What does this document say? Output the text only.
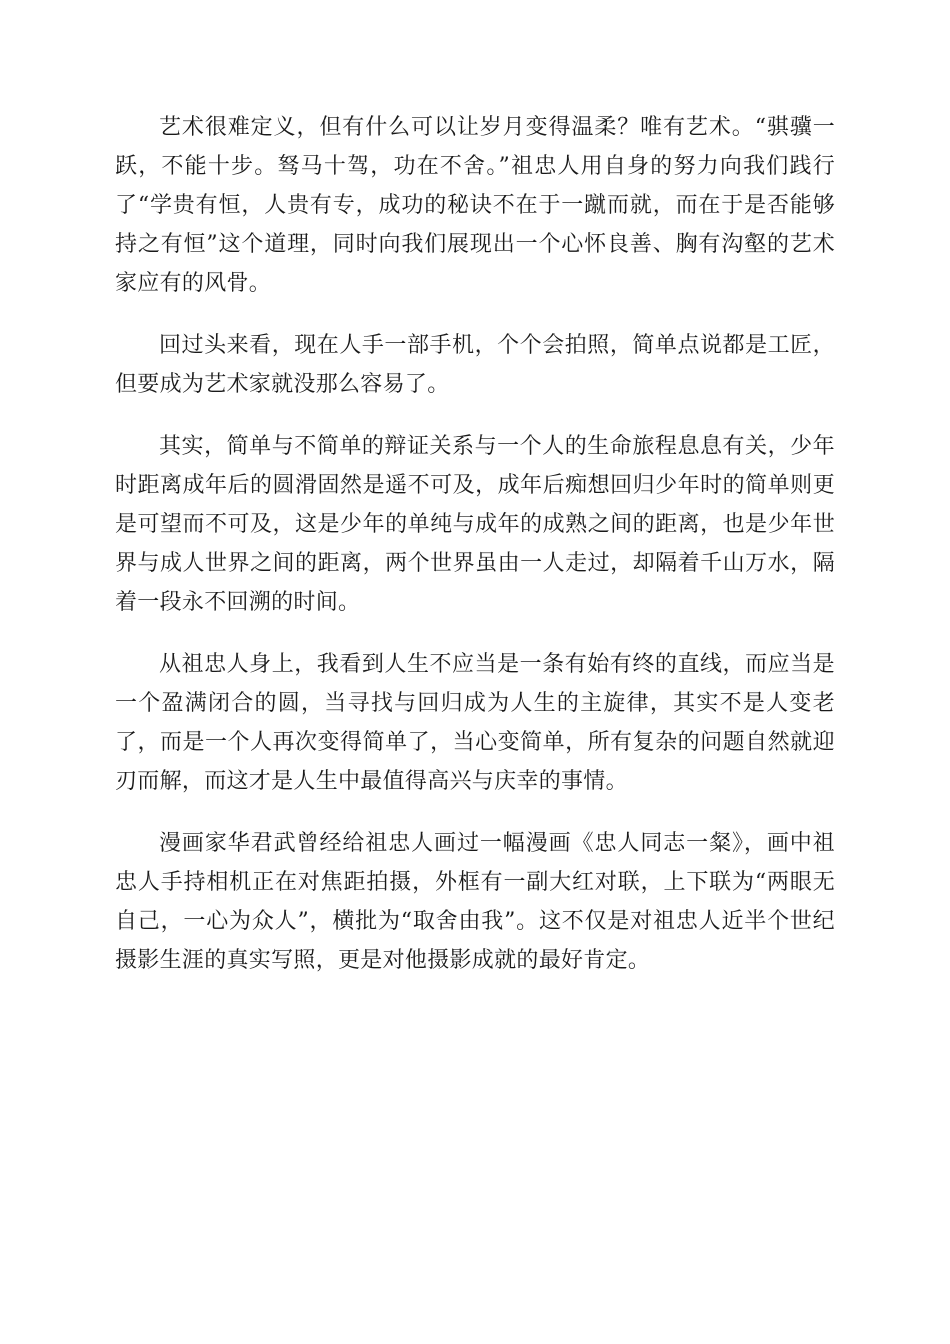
艺术很难定义，但有什么可以让岁月变得温柔？唯有艺术。“骐骥一跃，不能十步。驽马十驾，功在不舍。”祖忠人用自身的努力向我们践行了“学贵有恒，人贵有专，成功的秘诀不在于一蹴而就，而在于是否能够持之有恒”这个道理，同时向我们展现出一个心怀良善、胸有沟壑的艺术家应有的风骨。

回过头来看，现在人手一部手机，个个会拍照，简单点说都是工匠，但要成为艺术家就没那么容易了。

其实，简单与不简单的辩证关系与一个人的生命旅程息息有关，少年时距离成年后的圆滑固然是遥不可及，成年后痴想回归少年时的简单则更是可望而不可及，这是少年的单纯与成年的成熟之间的距离，也是少年世界与成人世界之间的距离，两个世界虽由一人走过，却隔着千山万水，隔着一段永不回溯的时间。

从祖忠人身上，我看到人生不应当是一条有始有终的直线，而应当是一个盈满闭合的圆，当寻找与回归成为人生的主旋律，其实不是人变老了，而是一个人再次变得简单了，当心变简单，所有复杂的问题自然就迎刃而解，而这才是人生中最值得高兴与庆幸的事情。

漫画家华君武曾经给祖忠人画过一幅漫画《忠人同志一粲》，画中祖忠人手持相机正在对焦距拍摄，外框有一副大红对联，上下联为“两眼无自己，一心为众人”，横批为“取舍由我”。这不仅是对祖忠人近半个世纪摄影生涯的真实写照，更是对他摄影成就的最好肯定。
